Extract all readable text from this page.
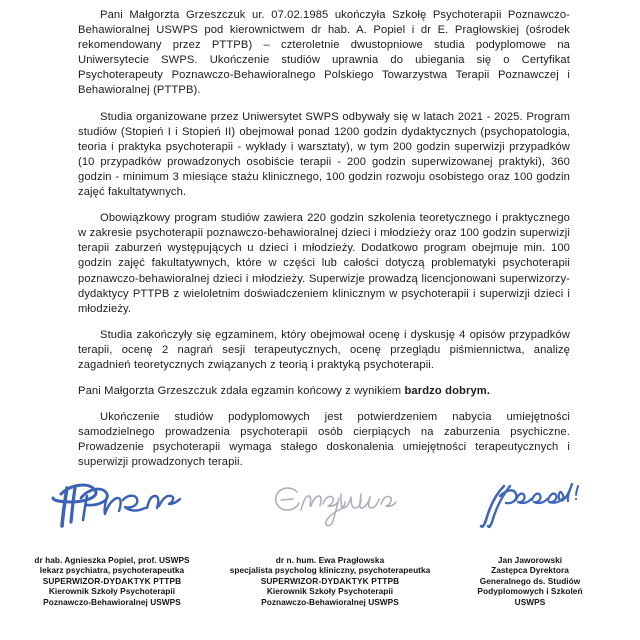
Pani Małgorzta Grzeszczuk ur. 07.02.1985 ukończyła Szkołę Psychoterapii Poznawczo-Behawioralnej USWPS pod kierownictwem dr hab. A. Popiel i dr E. Pragłowskiej (ośrodek rekomendowany przez PTTPB) – czteroletnie dwustopniowe studia podyplomowe na Uniwersytecie SWPS. Ukończenie studiów uprawnia do ubiegania się o Certyfikat Psychoterapeuty Poznawczo-Behawioralnego Polskiego Towarzystwa Terapii Poznawczej i Behawioralnej (PTTPB).

Studia organizowane przez Uniwersytet SWPS odbywały się w latach 2021 - 2025. Program studiów (Stopień I i Stopień II) obejmował ponad 1200 godzin dydaktycznych (psychopatologia, teoria i praktyka psychoterapii - wykłady i warsztaty), w tym 200 godzin superwizji przypadków (10 przypadków prowadzonych osobiście terapii - 200 godzin superwizowanej praktyki), 360 godzin - minimum 3 miesiące stażu klinicznego, 100 godzin rozwoju osobistego oraz 100 godzin zajęć fakultatywnych.

Obowiązkowy program studiów zawiera 220 godzin szkolenia teoretycznego i praktycznego w zakresie psychoterapii poznawczo-behawioralnej dzieci i młodzieży oraz 100 godzin superwizji terapii zaburzeń występujących u dzieci i młodzieży. Dodatkowo program obejmuje min. 100 godzin zajęć fakultatywnych, które w części lub całości dotyczą problematyki psychoterapii poznawczo-behawioralnej dzieci i młodzieży. Superwizje prowadzą licencjonowani superwizorzy-dydaktycy PTTPB z wieloletnim doświadczeniem klinicznym w psychoterapii i superwizji dzieci i młodzieży.

Studia zakończyły się egzaminem, który obejmował ocenę i dyskusję 4 opisów przypadków terapii, ocenę 2 nagrań sesji terapeutycznych, ocenę przeglądu piśmiennictwa, analizę zagadnień teoretycznych związanych z teorią i praktyką psychoterapii.

Pani Małgorzta Grzeszczuk zdała egzamin końcowy z wynikiem bardzo dobrym.

Ukończenie studiów podyplomowych jest potwierdzeniem nabycia umiejętności samodzielnego prowadzenia psychoterapii osób cierpiących na zaburzenia psychiczne. Prowadzenie psychoterapii wymaga stałego doskonalenia umiejętności terapeutycznych i superwizji prowadzonych terapii.

dr hab. Agnieszka Popiel, prof. USWPS
lekarz psychiatra, psychoterapeutka
SUPERWIZOR-DYDAKTYK PTTPB
Kierownik Szkoły Psychoterapii
Poznawczo-Behawioralnej USWPS
dr n. hum. Ewa Pragłowska
specjalista psycholog kliniczny, psychoterapeutka
SUPERWIZOR-DYDAKTYK PTTPB
Kierownik Szkoły Psychoterapii
Poznawczo-Behawioralnej USWPS
Jan Jaworowski
Zastępca Dyrektora
Generalnego ds. Studiów
Podyplomowych i Szkoleń
USWPS
